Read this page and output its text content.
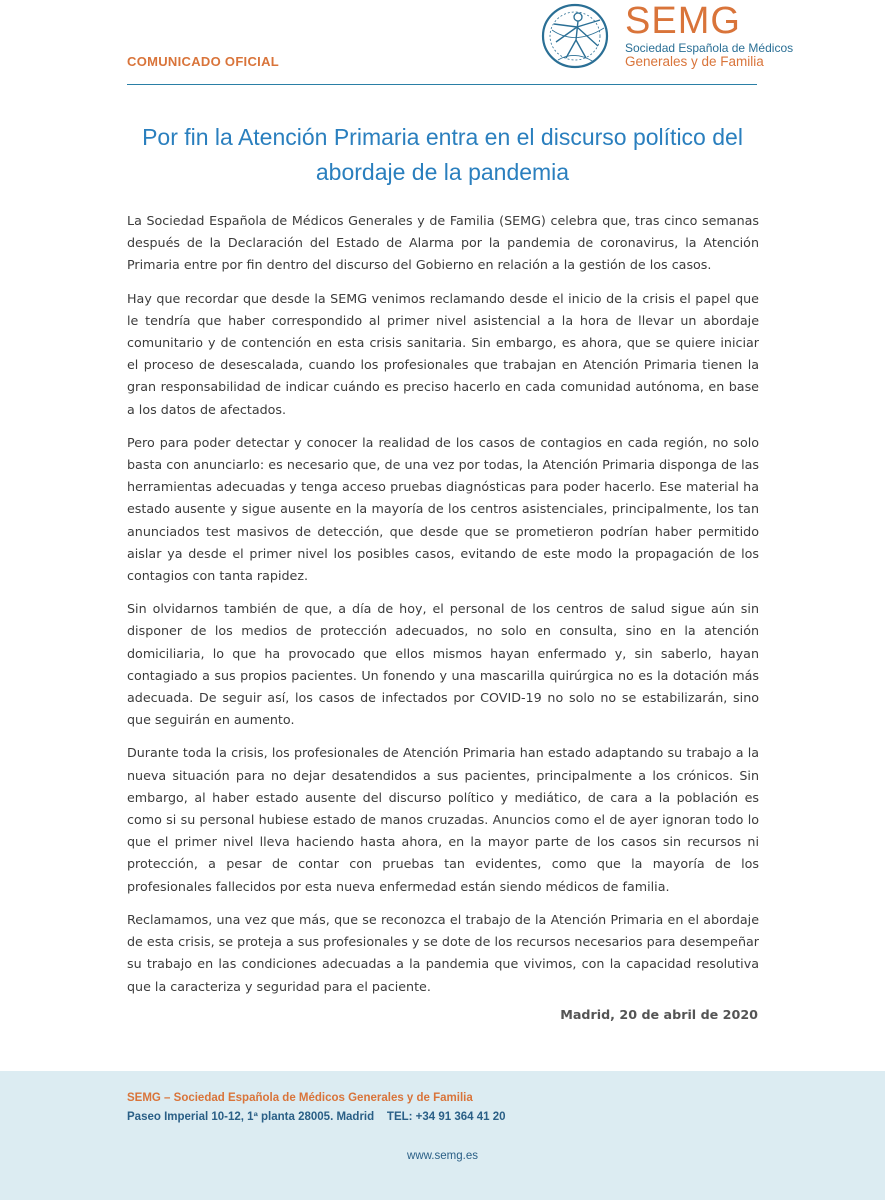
COMUNICADO OFICIAL
SEMG
Sociedad Española de Médicos
Generales y de Familia
Por fin la Atención Primaria entra en el discurso político del abordaje de la pandemia

La Sociedad Española de Médicos Generales y de Familia (SEMG) celebra que, tras cinco semanas después de la Declaración del Estado de Alarma por la pandemia de coronavirus, la Atención Primaria entre por fin dentro del discurso del Gobierno en relación a la gestión de los casos.

Hay que recordar que desde la SEMG venimos reclamando desde el inicio de la crisis el papel que le tendría que haber correspondido al primer nivel asistencial a la hora de llevar un abordaje comunitario y de contención en esta crisis sanitaria. Sin embargo, es ahora, que se quiere iniciar el proceso de desescalada, cuando los profesionales que trabajan en Atención Primaria tienen la gran responsabilidad de indicar cuándo es preciso hacerlo en cada comunidad autónoma, en base a los datos de afectados.

Pero para poder detectar y conocer la realidad de los casos de contagios en cada región, no solo basta con anunciarlo: es necesario que, de una vez por todas, la Atención Primaria disponga de las herramientas adecuadas y tenga acceso pruebas diagnósticas para poder hacerlo. Ese material ha estado ausente y sigue ausente en la mayoría de los centros asistenciales, principalmente, los tan anunciados test masivos de detección, que desde que se prometieron podrían haber permitido aislar ya desde el primer nivel los posibles casos, evitando de este modo la propagación de los contagios con tanta rapidez.

Sin olvidarnos también de que, a día de hoy, el personal de los centros de salud sigue aún sin disponer de los medios de protección adecuados, no solo en consulta, sino en la atención domiciliaria, lo que ha provocado que ellos mismos hayan enfermado y, sin saberlo, hayan contagiado a sus propios pacientes. Un fonendo y una mascarilla quirúrgica no es la dotación más adecuada. De seguir así, los casos de infectados por COVID-19 no solo no se estabilizarán, sino que seguirán en aumento.

Durante toda la crisis, los profesionales de Atención Primaria han estado adaptando su trabajo a la nueva situación para no dejar desatendidos a sus pacientes, principalmente a los crónicos. Sin embargo, al haber estado ausente del discurso político y mediático, de cara a la población es como si su personal hubiese estado de manos cruzadas. Anuncios como el de ayer ignoran todo lo que el primer nivel lleva haciendo hasta ahora, en la mayor parte de los casos sin recursos ni protección, a pesar de contar con pruebas tan evidentes, como que la mayoría de los profesionales fallecidos por esta nueva enfermedad están siendo médicos de familia.

Reclamamos, una vez que más, que se reconozca el trabajo de la Atención Primaria en el abordaje de esta crisis, se proteja a sus profesionales y se dote de los recursos necesarios para desempeñar su trabajo en las condiciones adecuadas a la pandemia que vivimos, con la capacidad resolutiva que la caracteriza y seguridad para el paciente.

Madrid, 20 de abril de 2020
SEMG – Sociedad Española de Médicos Generales y de Familia
Paseo Imperial 10-12, 1ª planta 28005. Madrid    TEL: +34 91 364 41 20
www.semg.es
